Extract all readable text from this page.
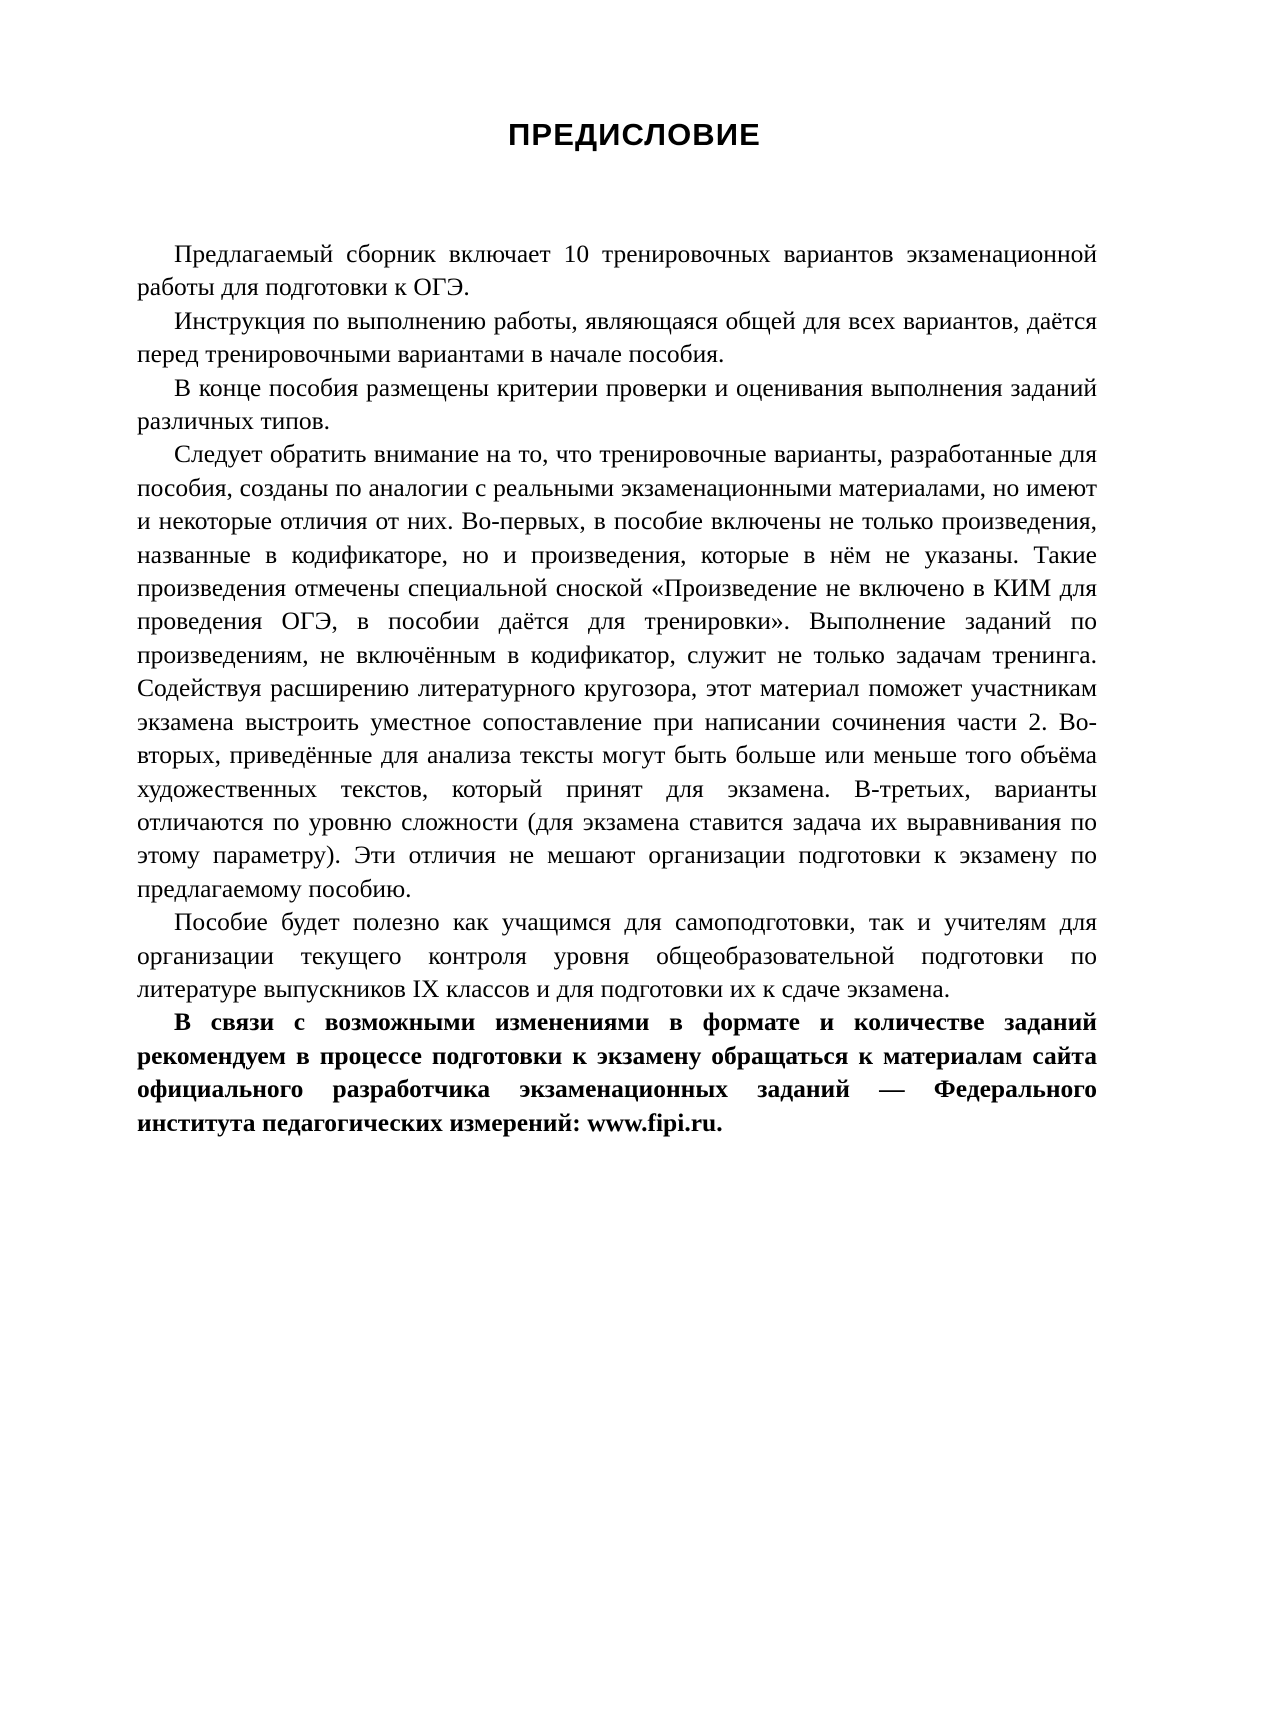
ПРЕДИСЛОВИЕ

Предлагаемый сборник включает 10 тренировочных вариантов экзаменационной работы для подготовки к ОГЭ.

Инструкция по выполнению работы, являющаяся общей для всех вариантов, даётся перед тренировочными вариантами в начале пособия.

В конце пособия размещены критерии проверки и оценивания выполнения заданий различных типов.

Следует обратить внимание на то, что тренировочные варианты, разработанные для пособия, созданы по аналогии с реальными экзаменационными материалами, но имеют и некоторые отличия от них. Во-первых, в пособие включены не только произведения, названные в кодификаторе, но и произведения, которые в нём не указаны. Такие произведения отмечены специальной сноской «Произведение не включено в КИМ для проведения ОГЭ, в пособии даётся для тренировки». Выполнение заданий по произведениям, не включённым в кодификатор, служит не только задачам тренинга. Содействуя расширению литературного кругозора, этот материал поможет участникам экзамена выстроить уместное сопоставление при написании сочинения части 2. Во-вторых, приведённые для анализа тексты могут быть больше или меньше того объёма художественных текстов, который принят для экзамена. В-третьих, варианты отличаются по уровню сложности (для экзамена ставится задача их выравнивания по этому параметру). Эти отличия не мешают организации подготовки к экзамену по предлагаемому пособию.

Пособие будет полезно как учащимся для самоподготовки, так и учителям для организации текущего контроля уровня общеобразовательной подготовки по литературе выпускников IX классов и для подготовки их к сдаче экзамена.

В связи с возможными изменениями в формате и количестве заданий рекомендуем в процессе подготовки к экзамену обращаться к материалам сайта официального разработчика экзаменационных заданий — Федерального института педагогических измерений: www.fipi.ru.
